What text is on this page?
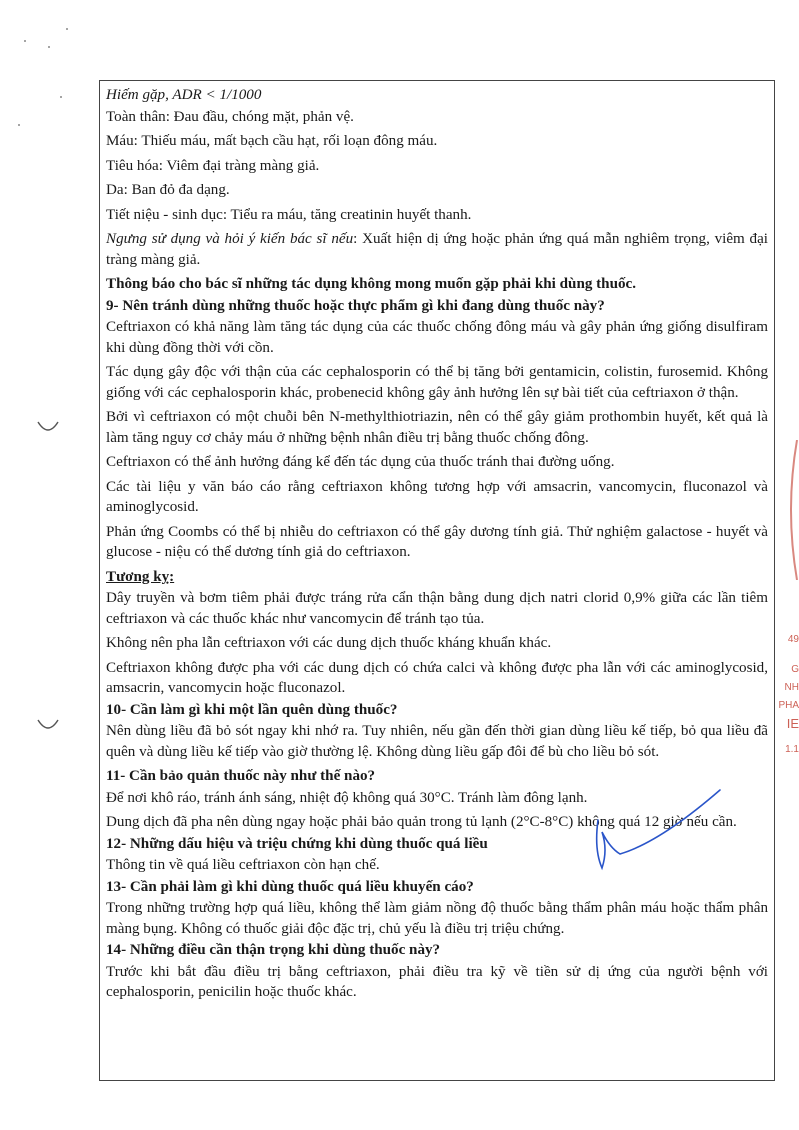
49
G
NH
PHA
IE
1.1

Hiếm gặp, ADR < 1/1000

Toàn thân: Đau đầu, chóng mặt, phản vệ.

Máu: Thiếu máu, mất bạch cầu hạt, rối loạn đông máu.

Tiêu hóa: Viêm đại tràng màng giả.

Da: Ban đỏ đa dạng.

Tiết niệu - sinh dục: Tiểu ra máu, tăng creatinin huyết thanh.

Ngưng sử dụng và hỏi ý kiến bác sĩ nếu: Xuất hiện dị ứng hoặc phản ứng quá mẫn nghiêm trọng, viêm đại tràng màng giả.

Thông báo cho bác sĩ những tác dụng không mong muốn gặp phải khi dùng thuốc.

9- Nên tránh dùng những thuốc hoặc thực phẩm gì khi đang dùng thuốc này?

Ceftriaxon có khả năng làm tăng tác dụng của các thuốc chống đông máu và gây phản ứng giống disulfiram khi dùng đồng thời với cồn.

Tác dụng gây độc với thận của các cephalosporin có thể bị tăng bởi gentamicin, colistin, furosemid. Không giống với các cephalosporin khác, probenecid không gây ảnh hưởng lên sự bài tiết của ceftriaxon ở thận.

Bởi vì ceftriaxon có một chuỗi bên N-methylthiotriazin, nên có thể gây giảm prothombin huyết, kết quả là làm tăng nguy cơ chảy máu ở những bệnh nhân điều trị bằng thuốc chống đông.

Ceftriaxon có thể ảnh hưởng đáng kể đến tác dụng của thuốc tránh thai đường uống.

Các tài liệu y văn báo cáo rằng ceftriaxon không tương hợp với amsacrin, vancomycin, fluconazol và aminoglycosid.

Phản ứng Coombs có thể bị nhiễu do ceftriaxon có thể gây dương tính giả. Thử nghiệm galactose - huyết và glucose - niệu có thể dương tính giả do ceftriaxon.

Tương kỵ:

Dây truyền và bơm tiêm phải được tráng rửa cẩn thận bằng dung dịch natri clorid 0,9% giữa các lần tiêm ceftriaxon và các thuốc khác như vancomycin để tránh tạo tủa.

Không nên pha lẫn ceftriaxon với các dung dịch thuốc kháng khuẩn khác.

Ceftriaxon không được pha với các dung dịch có chứa calci và không được pha lẫn với các aminoglycosid, amsacrin, vancomycin hoặc fluconazol.

10- Cần làm gì khi một lần quên dùng thuốc?

Nên dùng liều đã bỏ sót ngay khi nhớ ra. Tuy nhiên, nếu gần đến thời gian dùng liều kế tiếp, bỏ qua liều đã quên và dùng liều kế tiếp vào giờ thường lệ. Không dùng liều gấp đôi để bù cho liều bỏ sót.

11- Cần bảo quản thuốc này như thế nào?

Để nơi khô ráo, tránh ánh sáng, nhiệt độ không quá 30°C. Tránh làm đông lạnh.

Dung dịch đã pha nên dùng ngay hoặc phải bảo quản trong tủ lạnh (2°C-8°C) không quá 12 giờ nếu cần.

12- Những dấu hiệu và triệu chứng khi dùng thuốc quá liều

Thông tin về quá liều ceftriaxon còn hạn chế.

13- Cần phải làm gì khi dùng thuốc quá liều khuyến cáo?

Trong những trường hợp quá liều, không thể làm giảm nồng độ thuốc bằng thẩm phân máu hoặc thẩm phân màng bụng. Không có thuốc giải độc đặc trị, chủ yếu là điều trị triệu chứng.

14- Những điều cần thận trọng khi dùng thuốc này?

Trước khi bắt đầu điều trị bằng ceftriaxon, phải điều tra kỹ về tiền sử dị ứng của người bệnh với cephalosporin, penicilin hoặc thuốc khác.
